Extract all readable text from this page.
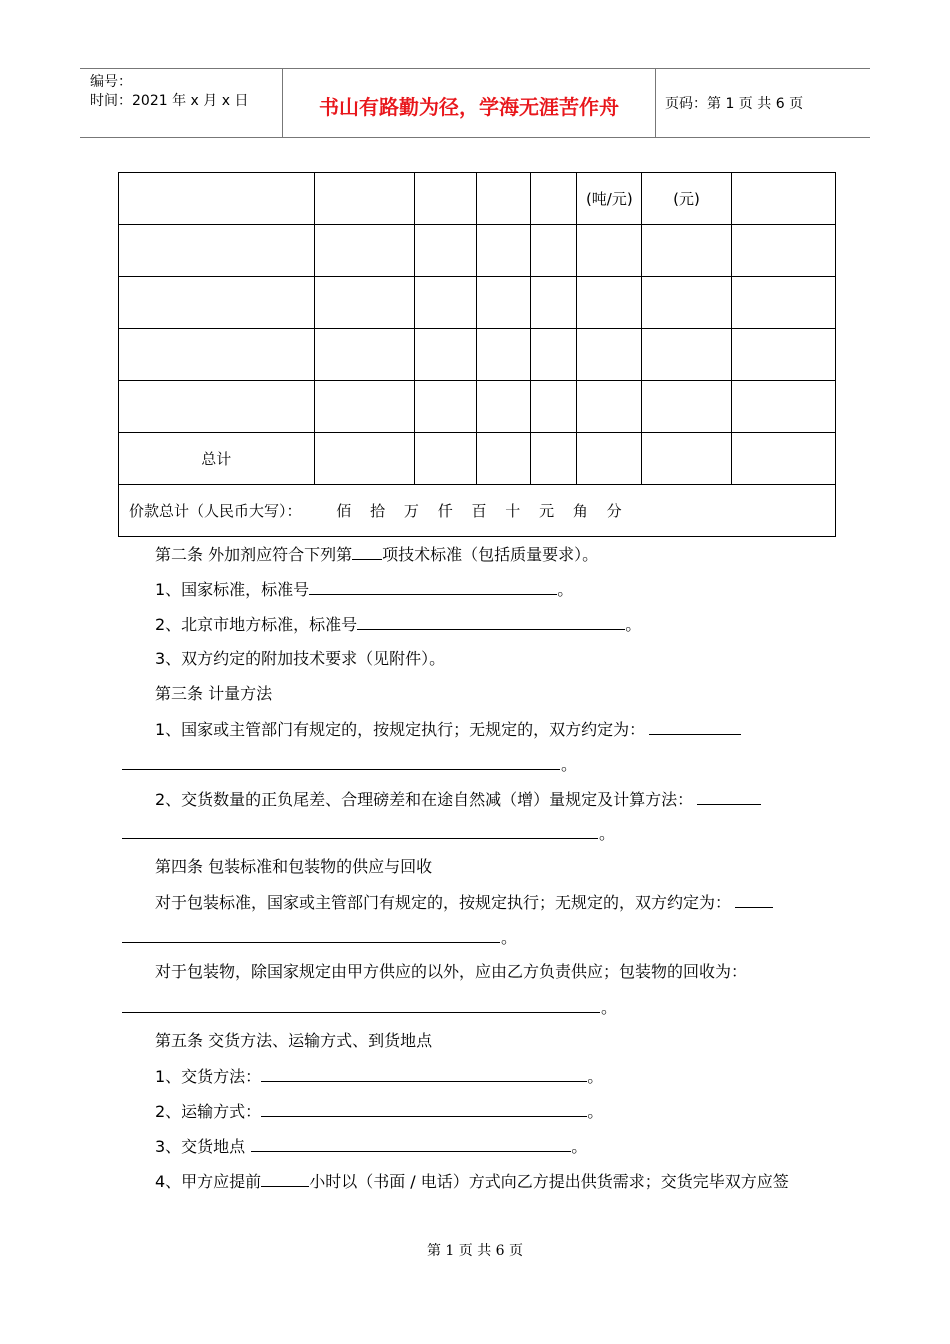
编号：
时间：2021 年 x 月 x 日	书山有路勤为径，学海无涯苦作舟	页码：第 1 页 共 6 页
					(吨/元)	(元)	

总计							
价款总计（人民币大写）： 佰 拾 万 仟 百 十 元 角 分							
第二条 外加剂应符合下列第 项技术标准（包括质量要求）。
1、国家标准，标准号	。
2、北京市地方标准，标准号	。
3、双方约定的附加技术要求（见附件）。
第三条 计量方法
1、国家或主管部门有规定的，按规定执行；无规定的，双方约定为：
。
2、交货数量的正负尾差、合理磅差和在途自然减（增）量规定及计算方法：
。
第四条 包装标准和包装物的供应与回收
对于包装标准，国家或主管部门有规定的，按规定执行；无规定的，双方约定为：
。
对于包装物，除国家规定由甲方供应的以外，应由乙方负责供应；包装物的回收为：
。
第五条 交货方法、运输方式、到货地点
1、交货方法：	。
2、运输方式：	。
3、交货地点	。
4、甲方应提前	小时以（书面 / 电话）方式向乙方提出供货需求；交货完毕双方应签
第 1 页 共 6 页
